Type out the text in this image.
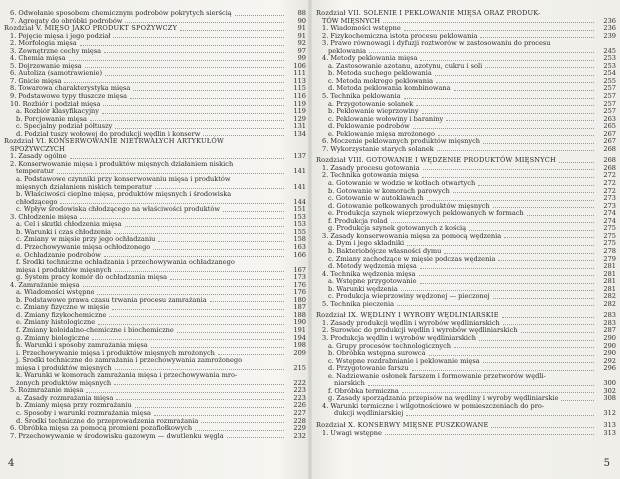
6. Odwołanie sposobem chemicznym podrobów pokrytych sierścią	88
7. Agregaty do obróbki podrobów	90
Rozdział V. MIĘSO JAKO PRODUKT SPOŻYWCZY	91
1. Pojęcie mięsa i jego podział	91
2. Morfologia mięsa	92
3. Zewnętrzne cechy mięsa	97
4. Chemia mięsa	99
5. Dojrzewanie mięsa	106
6. Autoliza (samotrawienie)	111
7. Gnicie mięsa	113
8. Towarowa charakterystyka mięsa	115
9. Podstawowe typy tłuszcze mięsa	116
10. Rozbiór i podział mięsa	119
a. Rozbiór klasyfikacyjny	119
b. Porcjowanie mięsa	129
c. Specjalny podział półtuszy	131
d. Podział tuszy wołowej do produkcji wędlin i konserw	134
Rozdział VI. KONSERWOWANIE NIETRWAŁYCH ARTYKUŁÓW
SPOŻYWCZYCH
1. Zasady ogólne	137
2. Konserwowanie mięsa i produktów mięsnych działaniem niskich
temperatur	141
a. Podstawowe czynniki przy konserwowaniu mięsa i produktów
mięsnych działaniem niskich temperatur	141
b. Właściwości cieplne mięsa, produktów mięsnych i środowiska
chłodzącego	144
c. Wpływ środowiska chłodzącego na właściwości produktów	151
3. Chłodzenie mięsa	153
a. Cel i skutki chłodzenia mięsa	153
b. Warunki i czas chłodzenia	155
c. Zmiany w mięsie przy jego ochładzaniu	158
d. Przechowywanie mięsa ochłodzonego	163
e. Ochładzanie podrobów	166
f. Środki techniczne ochładzania i przechowywania ochładzanego
mięsa i produktów mięsnych	167
g. System pracy komór do ochładzania mięsa	173
4. Zamrażanie mięsa	176
a. Wiadomości wstępne	176
b. Podstawowe prawa czasu trwania procesu zamrażania	180
c. Zmiany fizyczne w mięsie	187
d. Zmiany fizykochemiczne	188
e. Zmiany histologiczne	190
f. Zmiany koloidalno-chemiczne i biochemiczne	191
g. Zmiany biologiczne	194
h. Warunki i sposoby zamrażania mięsa	198
i. Przechowywanie mięsa i produktów mięsnych mrożonych	209
j. Środki techniczne do zamrażania i przechowywania zamrożonego
mięsa i produktów mięsnych	215
k. Warunki w komorach zamrażania mięsa i przechowywania mro-
żonych produktów mięsnych	222
5. Rozmrażanie mięsa	223
a. Zasady rozmrażania mięsa	223
b. Zmiany mięsa przy rozmrażaniu	226
c. Sposoby i warunki rozmrażania mięsa	227
d. Środki techniczne do przeprowadzenia rozmrażania	228
6. Obróbka mięsa za pomocą promieni pozafiołkowych	229
7. Przechowywanie w środowisku gazowym — dwutlenku węgla	232
Rozdział VII. SOLENIE I PEKLOWANIE MIĘSA ORAZ PRODUK-
TÓW MIĘSNYCH	236
1. Wiadomości wstępne	236
2. Fizykochemiczna istota procesu peklowania	239
3. Prawo równowagi i dyfuzji roztworów w zastosowaniu do procesu
peklowania	245
4. Metody peklowania mięsa	253
a. Zastosowanie azotanu, azotynu, cukru i soli	253
b. Metoda suchego peklowania	254
c. Metoda mokrego peklowania	255
d. Metoda peklowania kombinowana	257
5. Technika peklowania	257
a. Przygotowanie solanek	257
b. Peklowanie wieprzowiny	257
c. Peklowanie wołowiny i baraniny	263
d. Peklowanie podrobów	265
e. Peklowanie mięsa mrożonego	267
6. Moczenie peklowanych produktów mięsnych	267
7. Wykorzystanie starych solanek	268
Rozdział VIII. GOTOWANIE I WĘDZENIE PRODUKTÓW MIĘSNYCH	268
1. Zasady procesu gotowania	268
2. Technika gotowania mięsa	272
a. Gotowanie w wodzie w kotłach otwartych	272
b. Gotowanie w komorach parowych	272
c. Gotowanie w autoklawach	273
d. Gotowanie pełkowanych produktów mięsnych	273
e. Produkcja szynek wieprzowych peklowanych w formach	274
f. Produkcja rolad	274
g. Produkcja szynek gotowanych z kością	275
3. Zasady konserwowania mięsa za pomocą wędzenia	275
a. Dym i jego składniki	275
b. Bakteriobójcze własności dymu	278
c. Zmiany zachodzące w mięsie podczas wędzenia	279
d. Metody wędzenia mięsa	281
4. Technika wędzenia mięsa	281
a. Wstępne przygotowanie	281
b. Warunki wędzenia	281
c. Produkcja wieprzowiny wędzonej — pieczonej	282
5. Technika pieczenia	282
Rozdział IX. WĘDLINY I WYROBY WĘDLINIARSKIE	283
1. Zasady produkcji wędlin i wyrobów wędliniarskich	283
2. Surowiec do produkcji wędlin i wyrobów wędliniarskich	287
3. Produkcja wędlin i wyrobów wędliniarskich	290
a. Grupy procesów technologicznych	290
b. Obróbka wstępna surowca	290
c. Wstępne rozdrabnianie i peklowanie mięsa	292
d. Przygotowanie farszu	296
e. Nadziewanie osłonek farszem i formowanie przetworów wędli-
niarskich	300
f. Obróbka termiczna	302
g. Zasady sporządzania przepisów na wędliny i wyroby wędliniarskie	308
4. Warunki termiczne i wilgotnościowe w pomieszczeniach do pro-
dukcji wędliniarskiej	312
Rozdział X. KONSERWY MIĘSNE PUSZKOWANE	313
1. Uwagi wstępne	313
4	5
